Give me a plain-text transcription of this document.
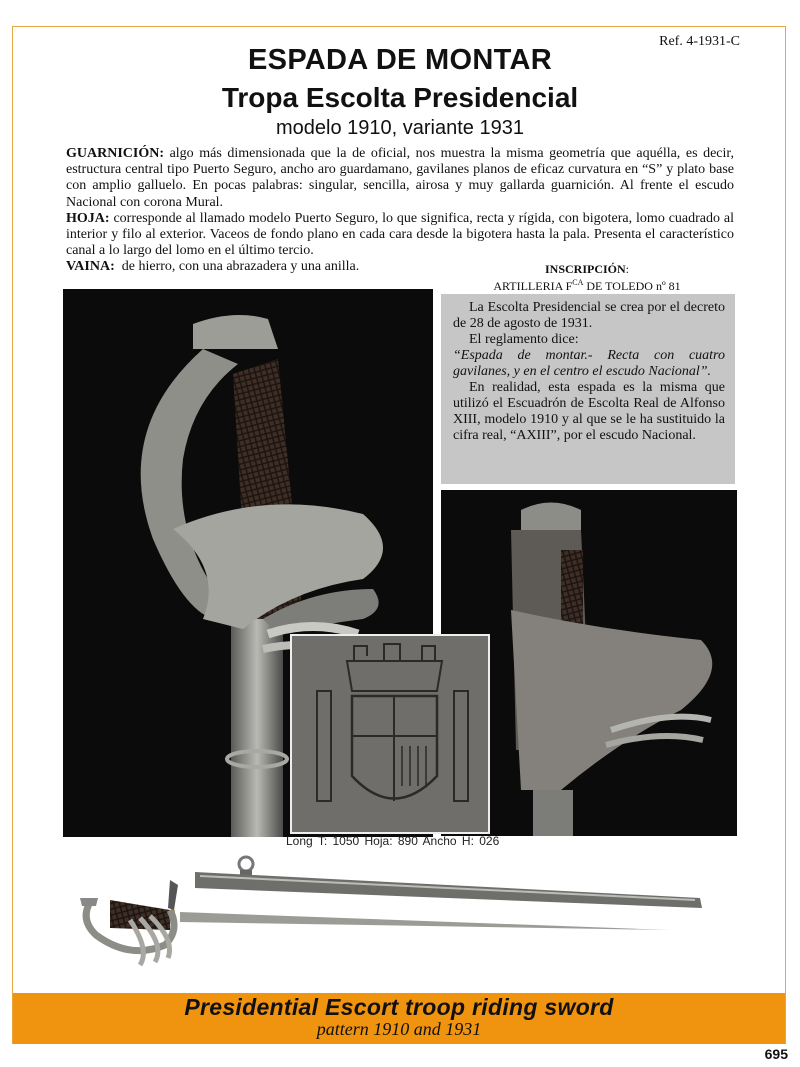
Ref. 4-1931-C
ESPADA DE MONTAR
Tropa Escolta Presidencial
modelo 1910, variante 1931

GUARNICIÓN: algo más dimensionada que la de oficial, nos muestra la misma geometría que aquélla, es decir, estructura central tipo Puerto Seguro, ancho aro guardamano, gavilanes planos de eficaz curvatura en “S” y plato base con amplio galluelo. En pocas palabras: singular, sencilla, airosa y muy gallarda guarnición. Al frente el escudo Nacional con corona Mural.

HOJA: corresponde al llamado modelo Puerto Seguro, lo que significa, recta y rígida, con bigotera, lomo cuadrado al interior y filo al exterior. Vaceos de fondo plano en cada cara desde la bigotera hasta la pala. Presenta el característico canal a lo largo del lomo en el último tercio.

VAINA: de hierro, con una abrazadera y una anilla.	INSCRIPCIÓN:
ARTILLERIA $F^{CA}$ DE TOLEDO nº 81

La Escolta Presidencial se crea por el decreto de 28 de agosto de 1931.

El reglamento dice:

“Espada de montar.- Recta con cuatro gavilanes, y en el centro el escudo Nacional”.

En realidad, esta espada es la misma que utilizó el Escuadrón de Escolta Real de Alfonso XIII, modelo 1910 y al que se le ha sustituido la cifra real, “AXIII”, por el escudo Nacional.

Long T: 1050 Hoja: 890 Ancho H: 026
Presidential Escort troop riding sword
pattern 1910 and 1931
695
